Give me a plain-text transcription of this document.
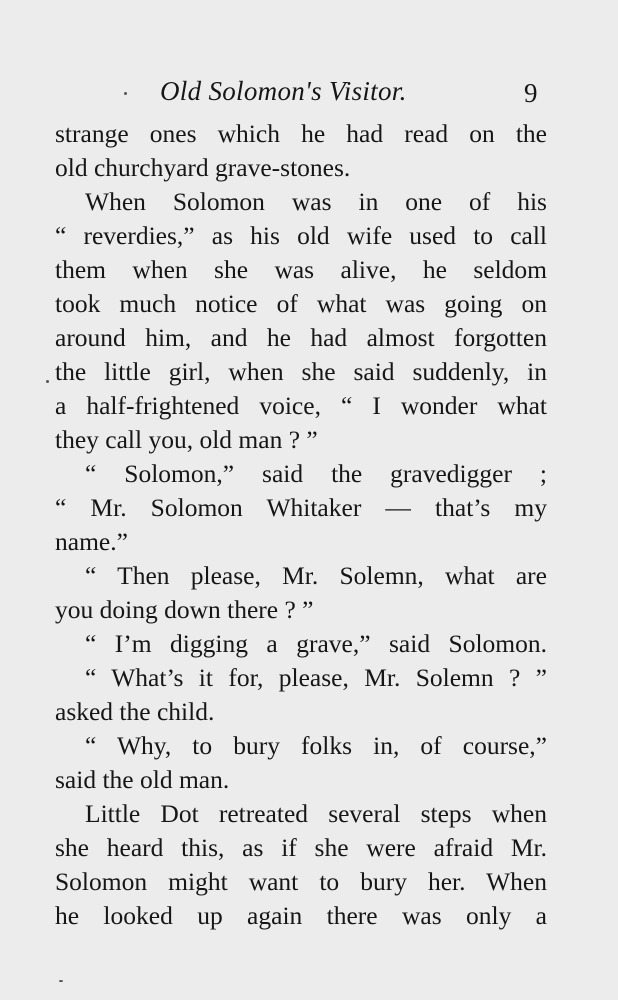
Old Solomon's Visitor.	9
strange ones which he had read on the
old churchyard grave-stones.
When Solomon was in one of his
“ reverdies,” as his old wife used to call
them when she was alive, he seldom
took much notice of what was going on
around him, and he had almost forgotten
the little girl, when she said suddenly, in
a half-frightened voice, “ I wonder what
they call you, old man ? ”
“ Solomon,” said the gravedigger ;
“ Mr. Solomon Whitaker — that’s my
name.”
“ Then please, Mr. Solemn, what are
you doing down there ? ”
“ I’m digging a grave,” said Solomon.
“ What’s it for, please, Mr. Solemn ? ”
asked the child.
“ Why, to bury folks in, of course,”
said the old man.
Little Dot retreated several steps when
she heard this, as if she were afraid Mr.
Solomon might want to bury her. When
he looked up again there was only a
